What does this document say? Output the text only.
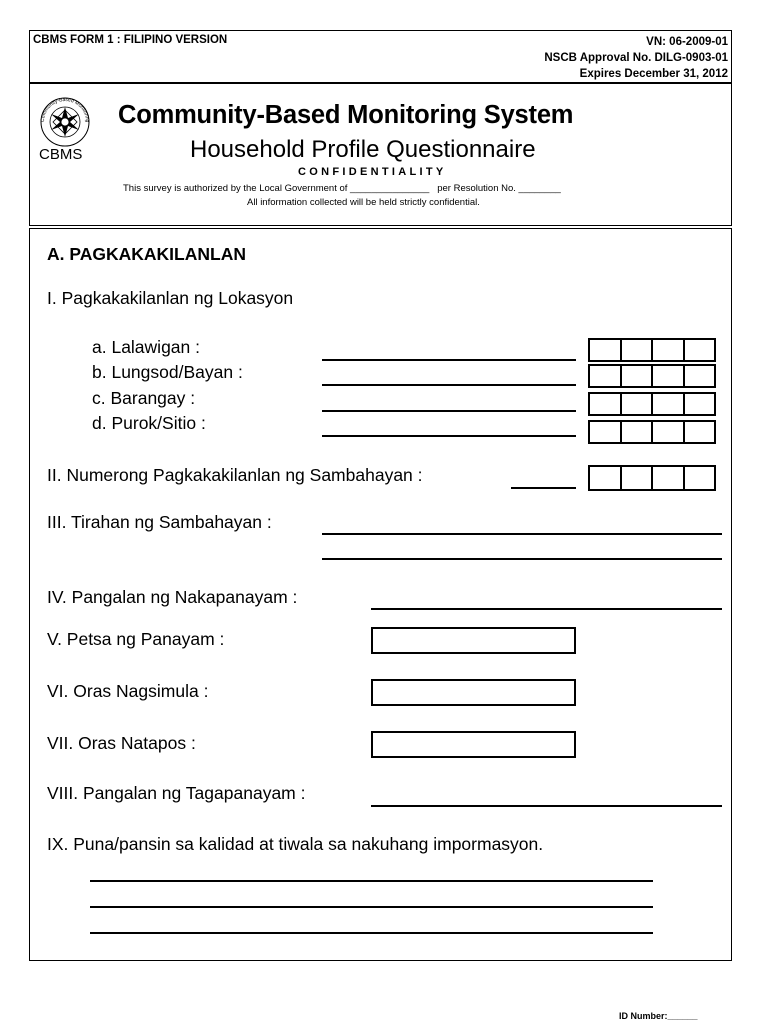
CBMS FORM 1 : FILIPINO VERSION	VN: 06-2009-01
NSCB Approval No. DILG-0903-01
Expires December 31, 2012
Community-Based Monitoring
CBMS
Community-Based Monitoring System
Household Profile Questionnaire
CONFIDENTIALITY
This survey is authorized by the Local Government of _______________   per Resolution No. ________
All information collected will be held strictly confidential.
A. PAGKAKAKILANLAN
I. Pagkakakilanlan ng Lokasyon
a. Lalawigan :
b. Lungsod/Bayan :
c. Barangay :
d. Purok/Sitio :
II. Numerong Pagkakakilanlan ng Sambahayan :
III. Tirahan ng Sambahayan :
IV. Pangalan ng Nakapanayam :
V. Petsa ng Panayam :
VI. Oras Nagsimula :
VII. Oras Natapos :
VIII. Pangalan ng Tagapanayam :
IX. Puna/pansin sa kalidad at tiwala sa nakuhang impormasyon.
ID Number:______
